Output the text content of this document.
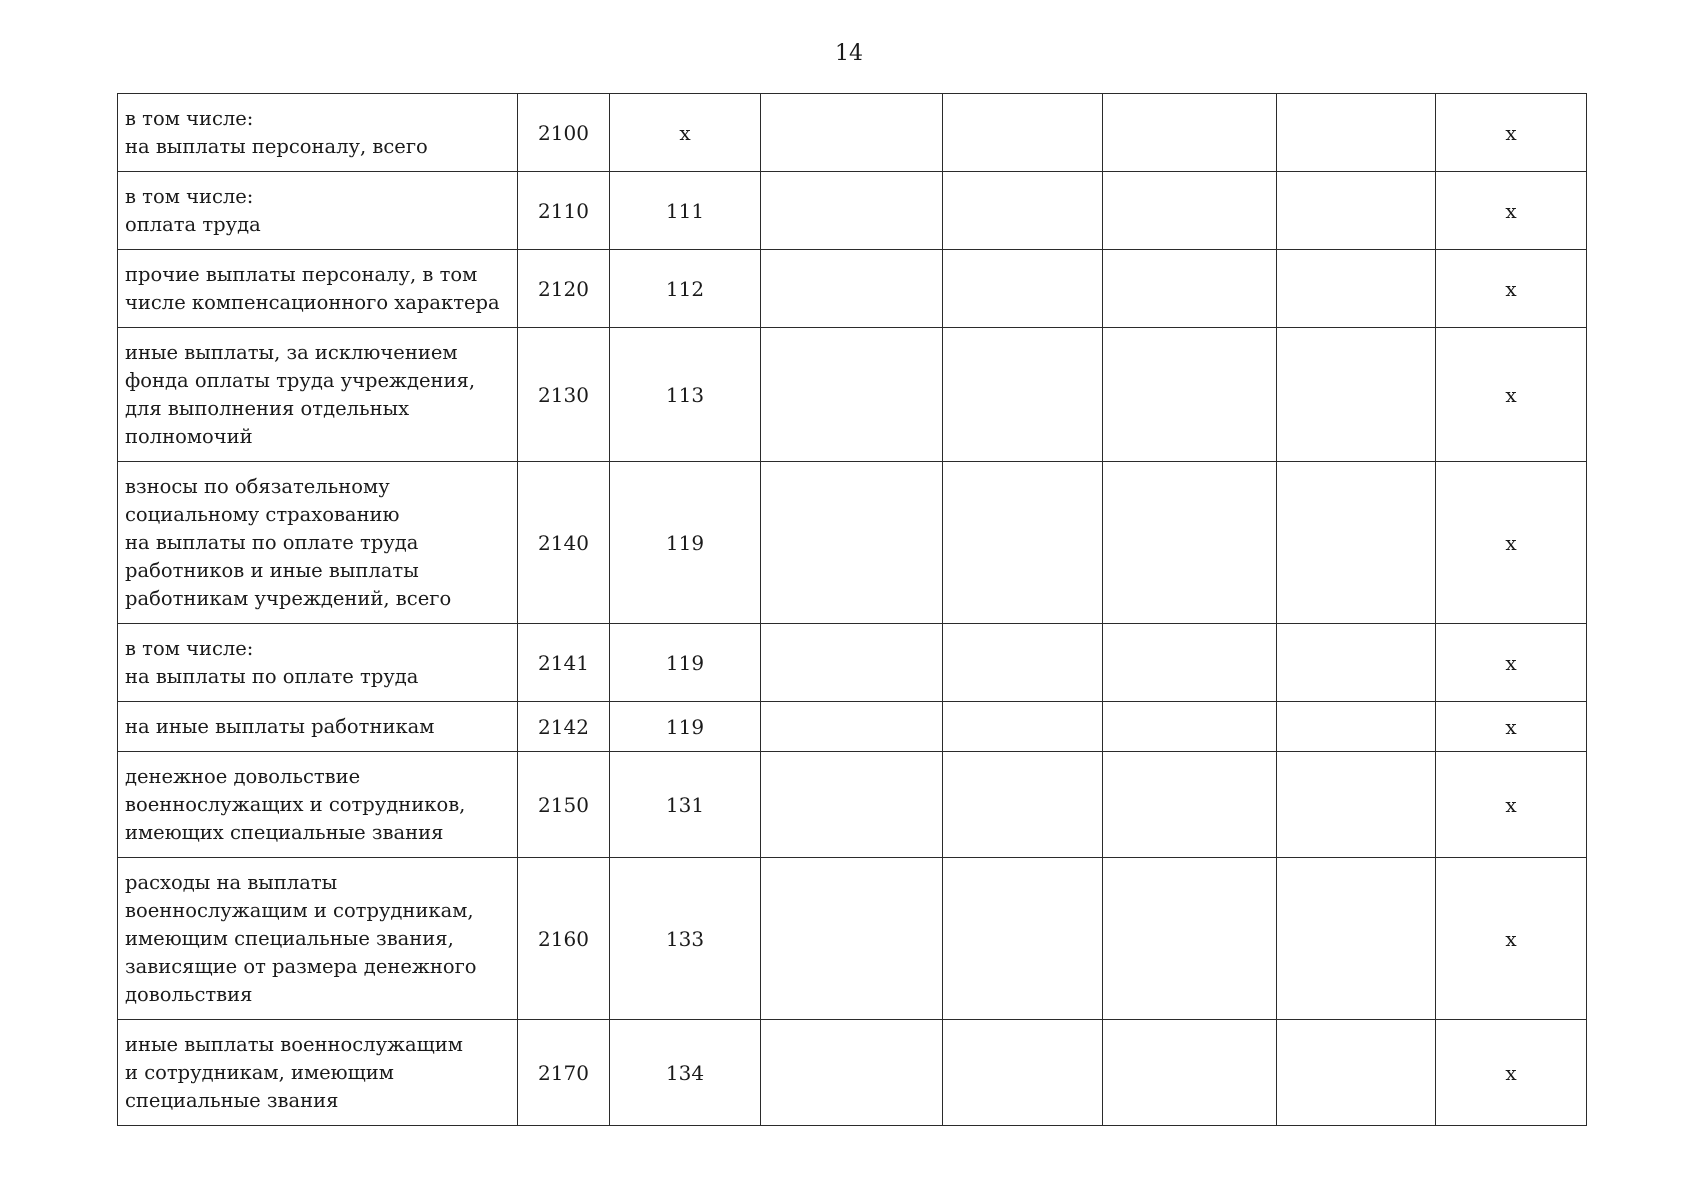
14
в том числе:
на выплаты персоналу, всего	2100	х					х
в том числе:
оплата труда	2110	111					х
прочие выплаты персоналу, в том
числе компенсационного характера	2120	112					х
иные выплаты, за исключением
фонда оплаты труда учреждения,
для выполнения отдельных
полномочий	2130	113					х
взносы по обязательному
социальному страхованию
на выплаты по оплате труда
работников и иные выплаты
работникам учреждений, всего	2140	119					х
в том числе:
на выплаты по оплате труда	2141	119					х
на иные выплаты работникам	2142	119					х
денежное довольствие
военнослужащих и сотрудников,
имеющих специальные звания	2150	131					х
расходы на выплаты
военнослужащим и сотрудникам,
имеющим специальные звания,
зависящие от размера денежного
довольствия	2160	133					х
иные выплаты военнослужащим
и сотрудникам, имеющим
специальные звания	2170	134					х
